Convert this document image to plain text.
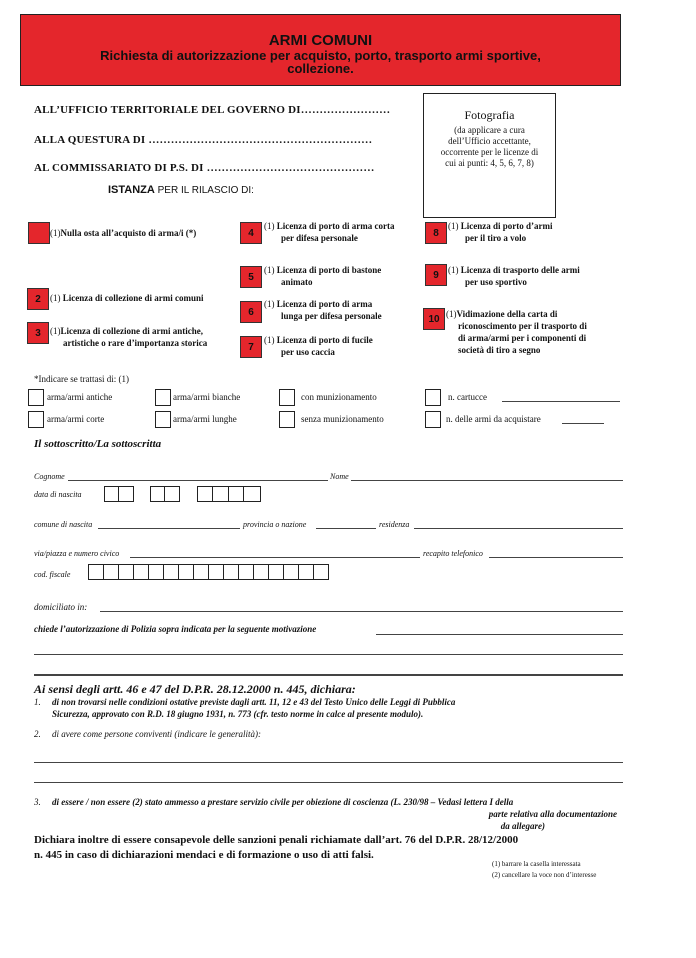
ARMI COMUNI
Richiesta di autorizzazione per acquisto, porto, trasporto armi sportive,
collezione.
ALL’UFFICIO TERRITORIALE DEL GOVERNO DI……………………
ALLA QUESTURA DI ……………………………………………………
AL COMMISSARIATO DI P.S. DI ………………………………………
Fotografia
(da applicare a cura
dell’Ufficio accettante,
occorrente per le licenze di
cui ai punti: 4, 5, 6, 7, 8)
ISTANZA PER IL RILASCIO DI:
(1)Nulla osta all’acquisto di arma/i (*)
2 (1) Licenza di collezione di armi comuni
3 (1)Licenza di collezione di armi antiche,
artistiche o rare d’importanza storica
4
(1) Licenza di porto di arma corta
per difesa personale
5
(1) Licenza di porto di bastone
animato
6
(1) Licenza di porto di arma
lunga per difesa personale
7
(1) Licenza di porto di fucile
per uso caccia
8
(1) Licenza di porto d’armi
per il tiro a volo
9 (1) Licenza di trasporto delle armi
per uso sportivo
10 (1)Vidimazione della carta di
riconoscimento per il trasporto di
di arma/armi per i componenti di
società di tiro a segno
*Indicare se trattasi di: (1)
arma/armi antiche	arma/armi bianche	con munizionamento	n. cartucce
arma/armi corte	arma/armi lunghe	senza munizionamento	n. delle armi da acquistare
Il sottoscritto/La sottoscritta
Cognome	Nome
data di nascita
comune di nascita	provincia o nazione	residenza
via/piazza e numero civico	recapito telefonico
cod. fiscale
domiciliato in:
chiede l’autorizzazione di Polizia sopra indicata per la seguente motivazione
Ai sensi degli artt. 46 e 47 del D.P.R. 28.12.2000 n. 445, dichiara:
1. di non trovarsi nelle condizioni ostative previste dagli artt. 11, 12 e 43 del Testo Unico delle Leggi di Pubblica
Sicurezza, approvato con R.D. 18 giugno 1931, n. 773 (cfr. testo norme in calce al presente modulo).
2. di avere come persone conviventi (indicare le generalità):
3. di essere / non essere (2) stato ammesso a prestare servizio civile per obiezione di coscienza (L. 230/98 – Vedasi lettera I della
parte relativa alla documentazione
da allegare)
Dichiara inoltre di essere consapevole delle sanzioni penali richiamate dall’art. 76 del D.P.R. 28/12/2000
n. 445 in caso di dichiarazioni mendaci e di formazione o uso di atti falsi.
(1) barrare la casella interessata
(2) cancellare la voce non d’interesse
